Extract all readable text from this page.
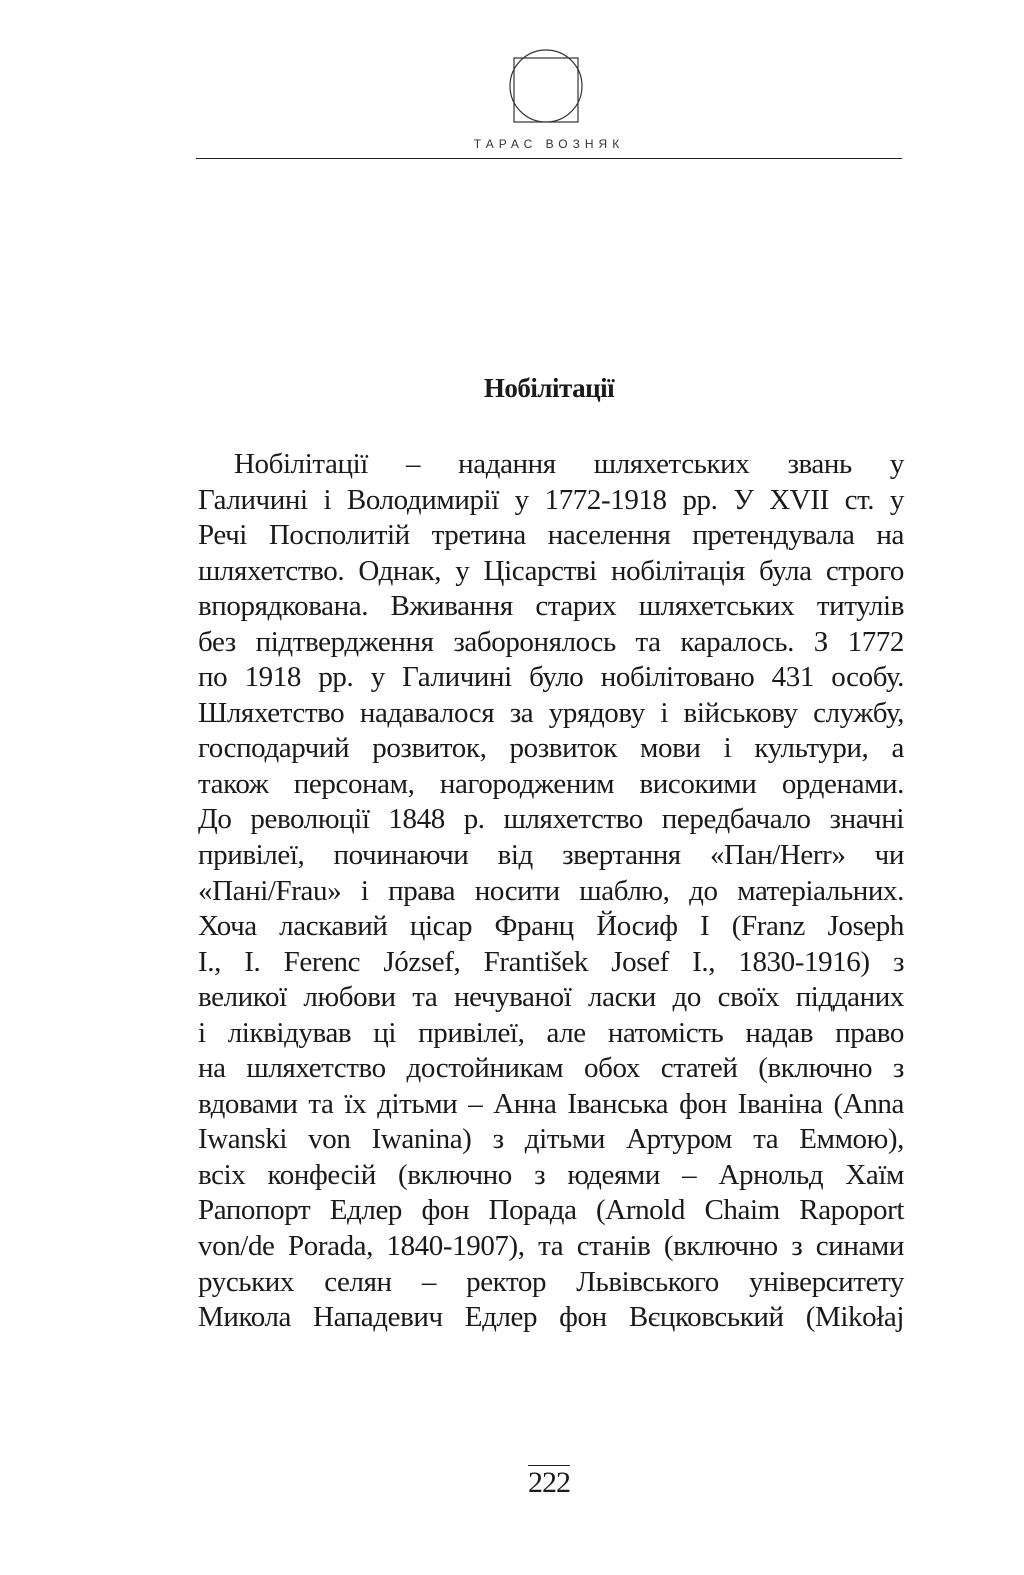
ТАРАС ВОЗНЯК
Нобілітації
Нобілітації – надання шляхетських звань у
Галичині і Володимирії у 1772-1918 рр. У XVII ст. у
Речі Посполитій третина населення претендувала на
шляхетство. Однак, у Цісарстві нобілітація була строго
впорядкована. Вживання старих шляхетських титулів
без підтвердження заборонялось та каралось. З 1772
по 1918 рр. у Галичині було нобілітовано 431 особу.
Шляхетство надавалося за урядову і військову службу,
господарчий розвиток, розвиток мови і культури, а
також персонам, нагородженим високими орденами.
До революції 1848 р. шляхетство передбачало значні
привілеї, починаючи від звертання «Пан/Herr» чи
«Пані/Frau» і права носити шаблю, до матеріальних.
Хоча ласкавий цісар Франц Йосиф I (Franz Joseph
I., I. Ferenc József, František Josef I., 1830-1916) з
великої любови та нечуваної ласки до своїх підданих
і ліквідував ці привілеї, але натомість надав право
на шляхетство достойникам обох статей (включно з
вдовами та їх дітьми – Анна Іванська фон Іваніна (Anna
Iwanski von Iwanina) з дітьми Артуром та Еммою),
всіх конфесій (включно з юдеями – Арнольд Хаїм
Рапопорт Едлер фон Порада (Arnold Chaim Rapoport
von/de Porada, 1840-1907), та станів (включно з синами
руських селян – ректор Львівського університету
Микола Нападевич Едлер фон Вєцковський (Mikołaj
222
